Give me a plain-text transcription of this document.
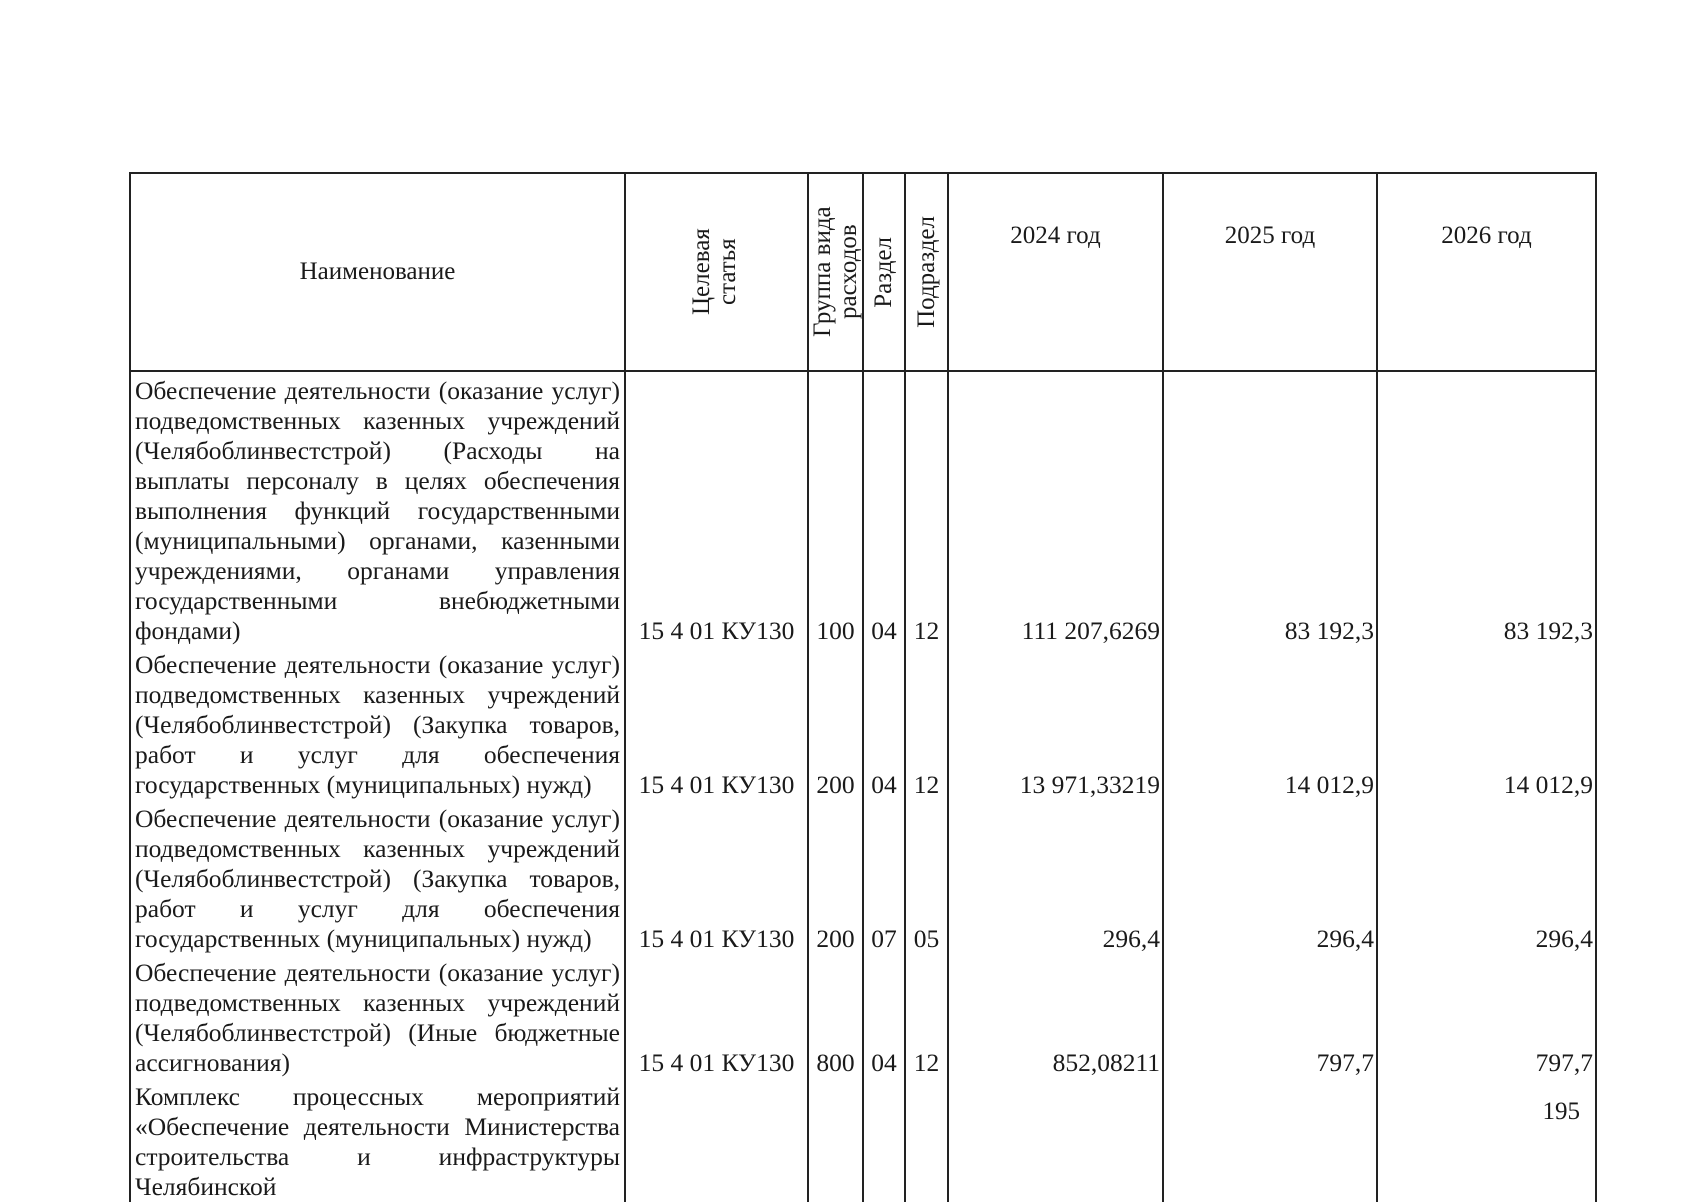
Наименование	Целевая статья	Группа вида расходов	Раздел	Подраздел	2024 год	2025 год	2026 год
Обеспечение деятельности (оказание услуг) подведомственных казенных учреждений (Челябоблинвестстрой) (Расходы на выплаты персоналу в целях обеспечения выполнения функций государственными (муниципальными) органами, казенными учреждениями, органами управления государственными внебюджетными фондами)	15 4 01 КУ130	100	04	12	111 207,6269	83 192,3	83 192,3
Обеспечение деятельности (оказание услуг) подведомственных казенных учреждений (Челябоблинвестстрой) (Закупка товаров, работ и услуг для обеспечения государственных (муниципальных) нужд)	15 4 01 КУ130	200	04	12	13 971,33219	14 012,9	14 012,9
Обеспечение деятельности (оказание услуг) подведомственных казенных учреждений (Челябоблинвестстрой) (Закупка товаров, работ и услуг для обеспечения государственных (муниципальных) нужд)	15 4 01 КУ130	200	07	05	296,4	296,4	296,4
Обеспечение деятельности (оказание услуг) подведомственных казенных учреждений (Челябоблинвестстрой) (Иные бюджетные ассигнования)	15 4 01 КУ130	800	04	12	852,08211	797,7	797,7
Комплекс процессных мероприятий «Обеспечение деятельности Министерства строительства и инфраструктуры Челябинской							
195
